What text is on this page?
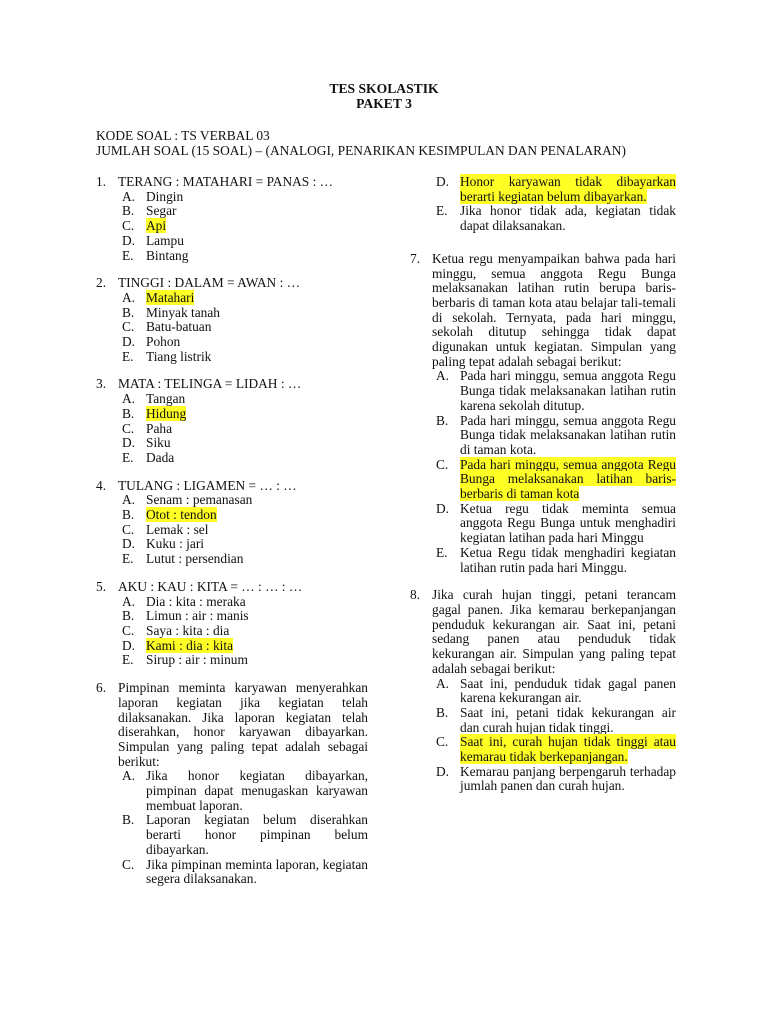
TES SKOLASTIK
PAKET 3
KODE SOAL : TS VERBAL 03
JUMLAH SOAL (15 SOAL) – (ANALOGI, PENARIKAN KESIMPULAN DAN PENALARAN)
1. TERANG : MATAHARI = PANAS : …
A. Dingin
B. Segar
C. Api
D. Lampu
E. Bintang
2. TINGGI : DALAM = AWAN : …
A. Matahari
B. Minyak tanah
C. Batu-batuan
D. Pohon
E. Tiang listrik
3. MATA : TELINGA = LIDAH : …
A. Tangan
B. Hidung
C. Paha
D. Siku
E. Dada
4. TULANG : LIGAMEN = … : …
A. Senam : pemanasan
B. Otot : tendon
C. Lemak : sel
D. Kuku : jari
E. Lutut : persendian
5. AKU : KAU : KITA = … : … : …
A. Dia : kita : meraka
B. Limun : air : manis
C. Saya : kita : dia
D. Kami : dia : kita
E. Sirup : air : minum
6. Pimpinan meminta karyawan menyerahkan laporan kegiatan jika kegiatan telah dilaksanakan. Jika laporan kegiatan telah diserahkan, honor karyawan dibayarkan. Simpulan yang paling tepat adalah sebagai berikut:
A. Jika honor kegiatan dibayarkan, pimpinan dapat menugaskan karyawan membuat laporan.
B. Laporan kegiatan belum diserahkan berarti honor pimpinan belum dibayarkan.
C. Jika pimpinan meminta laporan, kegiatan segera dilaksanakan.
D. Honor karyawan tidak dibayarkan berarti kegiatan belum dibayarkan.
E. Jika honor tidak ada, kegiatan tidak dapat dilaksanakan.
7. Ketua regu menyampaikan bahwa pada hari minggu, semua anggota Regu Bunga melaksanakan latihan rutin berupa baris-berbaris di taman kota atau belajar tali-temali di sekolah. Ternyata, pada hari minggu, sekolah ditutup sehingga tidak dapat digunakan untuk kegiatan. Simpulan yang paling tepat adalah sebagai berikut:
A. Pada hari minggu, semua anggota Regu Bunga tidak melaksanakan latihan rutin karena sekolah ditutup.
B. Pada hari minggu, semua anggota Regu Bunga tidak melaksanakan latihan rutin di taman kota.
C. Pada hari minggu, semua anggota Regu Bunga melaksanakan latihan baris-berbaris di taman kota
D. Ketua regu tidak meminta semua anggota Regu Bunga untuk menghadiri kegiatan latihan pada hari Minggu
E. Ketua Regu tidak menghadiri kegiatan latihan rutin pada hari Minggu.
8. Jika curah hujan tinggi, petani terancam gagal panen. Jika kemarau berkepanjangan penduduk kekurangan air. Saat ini, petani sedang panen atau penduduk tidak kekurangan air. Simpulan yang paling tepat adalah sebagai berikut:
A. Saat ini, penduduk tidak gagal panen karena kekurangan air.
B. Saat ini, petani tidak kekurangan air dan curah hujan tidak tinggi.
C. Saat ini, curah hujan tidak tinggi atau kemarau tidak berkepanjangan.
D. Kemarau panjang berpengaruh terhadap jumlah panen dan curah hujan.
